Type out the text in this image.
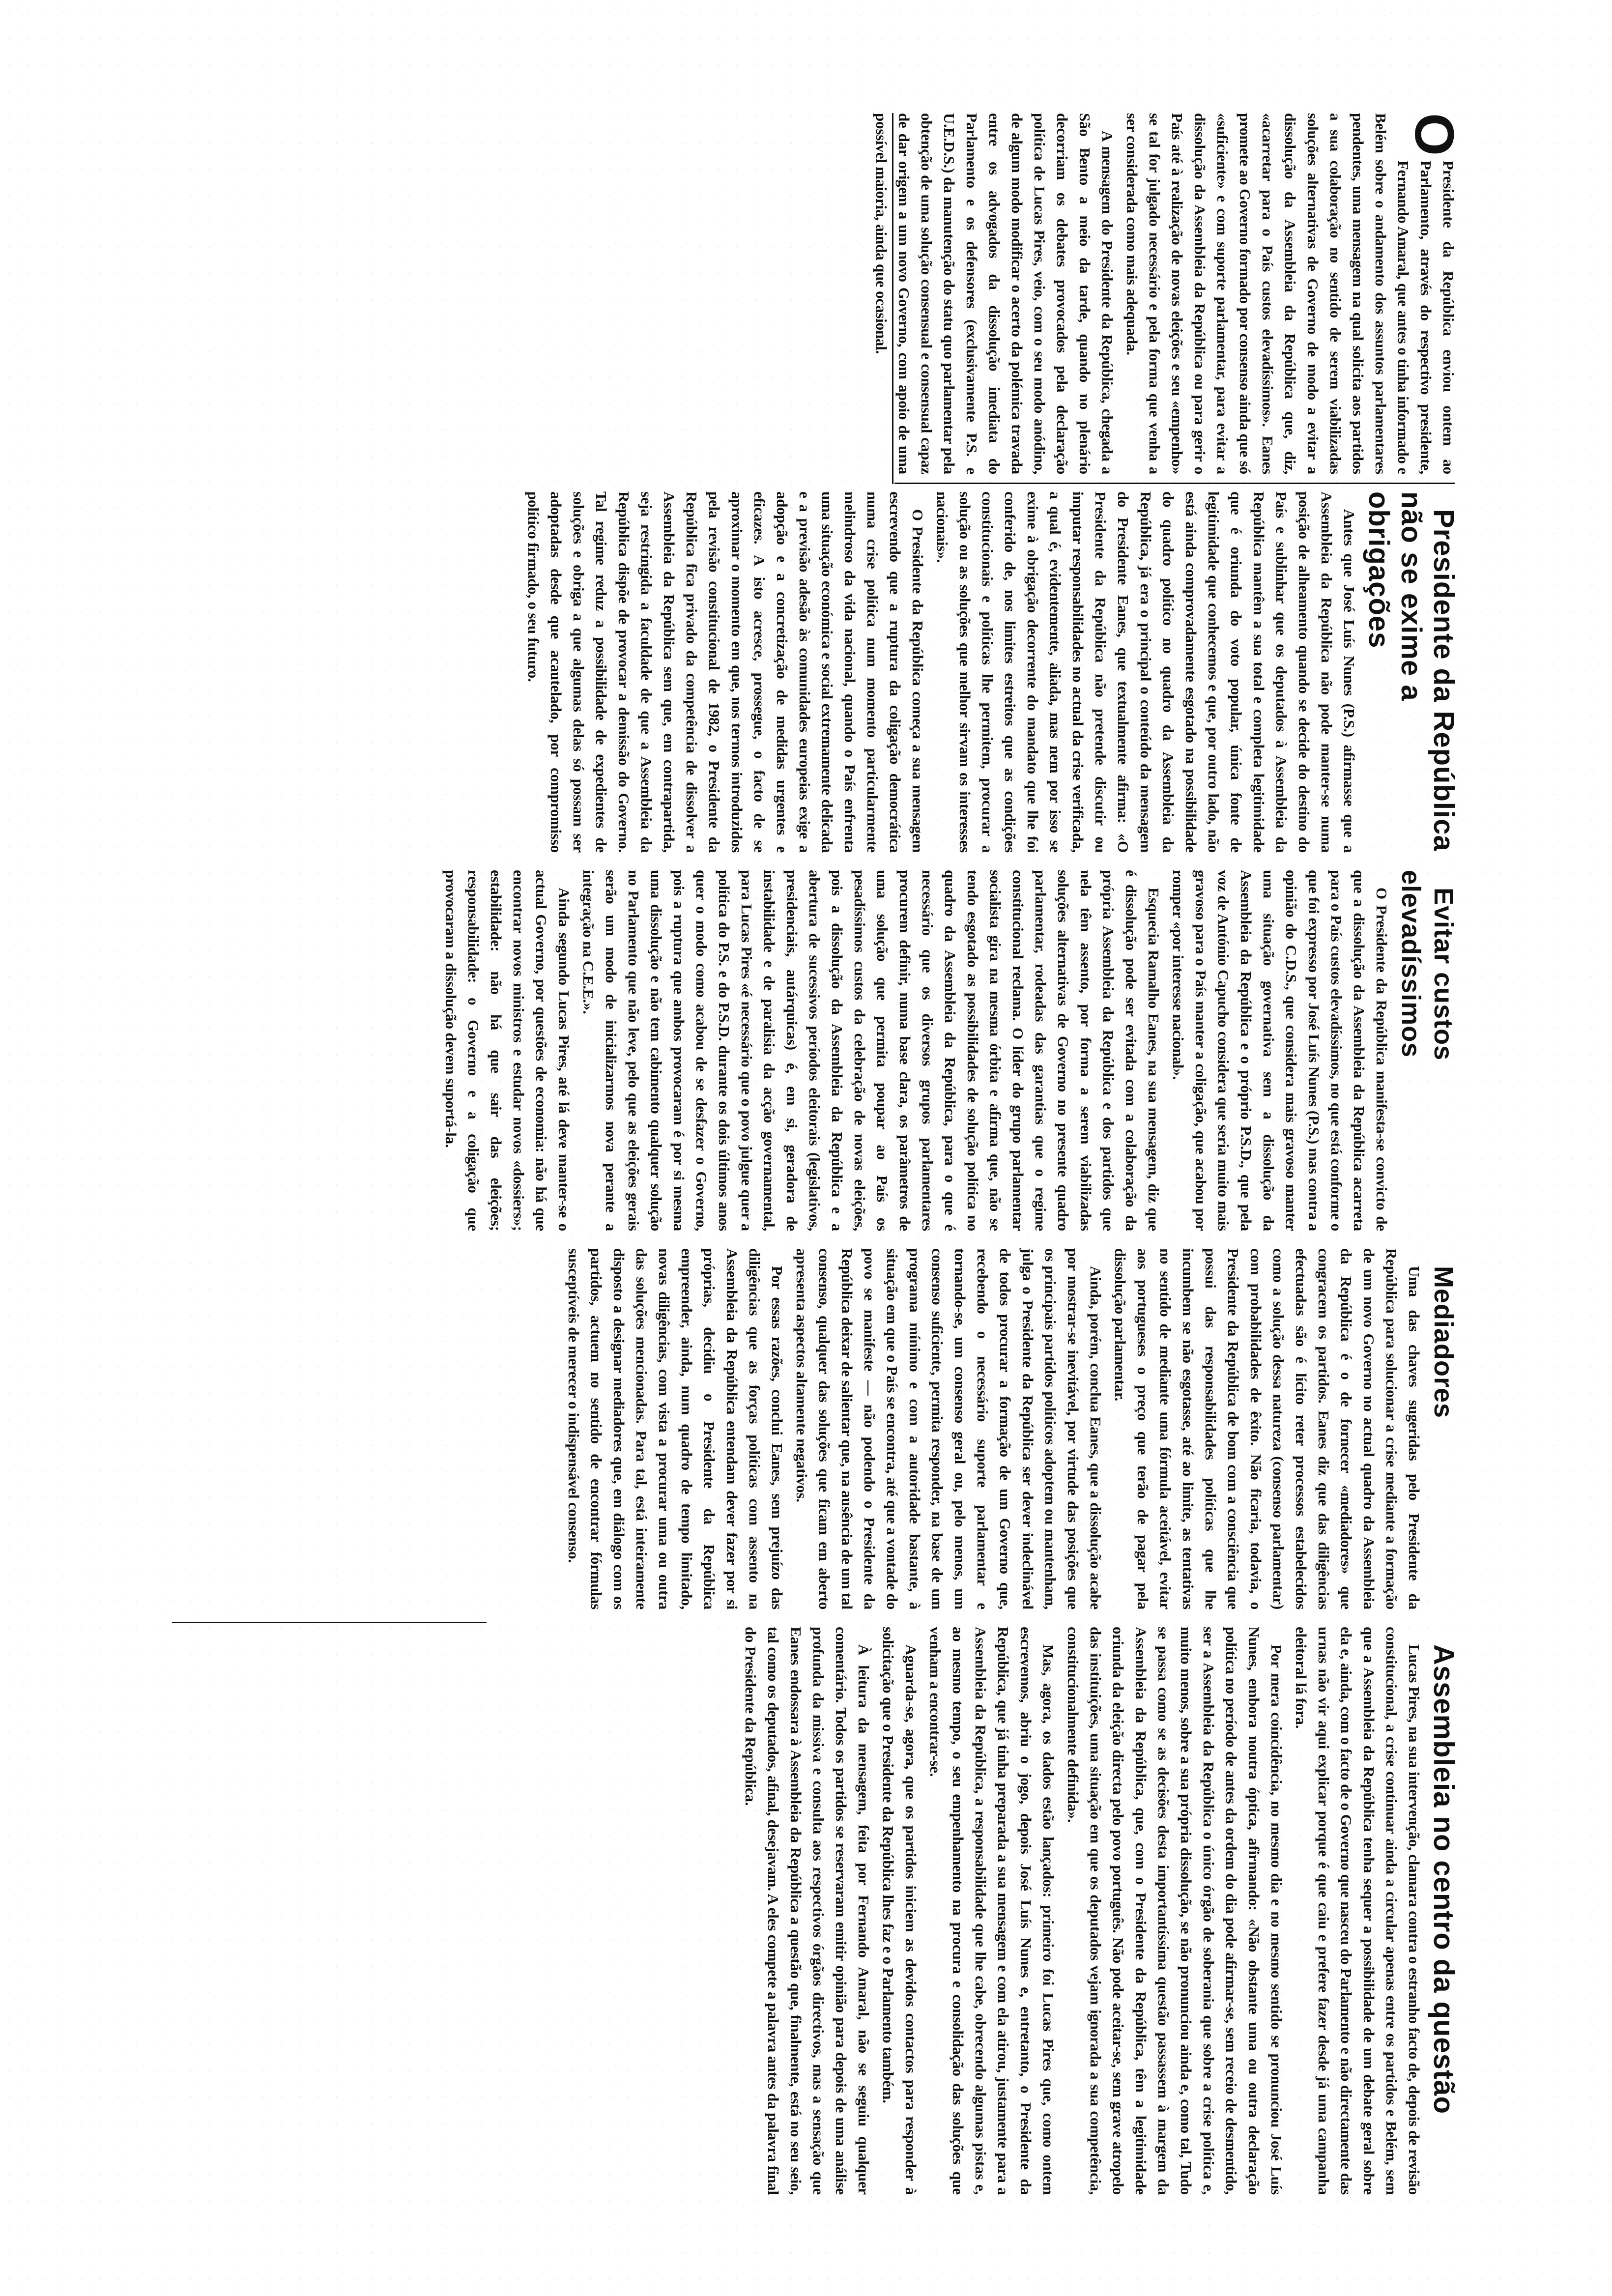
O
Presidente da República enviou ontem ao Parlamento, através do respectivo presidente, Fernando Amaral, que antes o tinha informado e Belém sobre o andamento dos assuntos parlamentares pendentes, uma mensagem na qual solicita aos partidos a sua colaboração no sentido de serem viabilizadas soluções alternativas de Governo de modo a evitar a dissolução da Assembleia da República que, diz, «acarretar para o País custos elevadíssimos». Eanes promete ao Governo formado por consenso ainda que só «suficiente» e com suporte parlamentar, para evitar a dissolução da Assembleia da República ou para gerir o País até à realização de novas eleições e seu «empenho» se tal for julgado necessário e pela forma que venha a ser considerada como mais adequada.

A mensagem do Presidente da República, chegada a São Bento a meio da tarde, quando no plenário decorriam os debates provocados pela declaração política de Lucas Pires, veio, com o seu modo anódino, de algum modo modificar o acerto da polémica travada entre os advogados da dissolução imediata do Parlamento e os defensores (exclusivamente P.S. e U.E.D.S.) da manutenção do statu quo parlamentar pela obtenção de uma solução consensual e consensual capaz de dar origem a um novo Governo, com apoio de uma possível maioria, ainda que ocasional.

Presidente da República não se exime a obrigações

Antes que José Luís Nunes (P.S.) afirmasse que a Assembleia da República não pode manter-se numa posição de alheamento quando se decide do destino do País e sublinhar que os deputados à Assembleia da República mantêm a sua total e completa legitimidade que é oriunda do voto popular, única fonte de legitimidade que conhecemos e que, por outro lado, não está ainda comprovadamente esgotado na possibilidade do quadro político no quadro da Assembleia da República, já era o principal o conteúdo da mensagem do Presidente Eanes, que textualmente afirma: «O Presidente da República não pretende discutir ou imputar responsabilidades no actual da crise verificada, a qual é, evidentemente, aliada, mas nem por isso se exime à obrigação decorrente do mandato que lhe foi conferido de, nos limites estreitos que as condições constitucionais e políticas lhe permitem, procurar a solução ou as soluções que melhor sirvam os interesses nacionais».

O Presidente da República começa a sua mensagem escrevendo que a ruptura da coligação democrática numa crise política num momento particularmente melindroso da vida nacional, quando o País enfrenta uma situação económica e social extremamente delicada e a previsão adesão às comunidades europeias exige a adopção e a concretização de medidas urgentes e eficazes. A isto acresce, prossegue, o facto de se aproximar o momento em que, nos termos introduzidos pela revisão constitucional de 1982, o Presidente da República fica privado da competência de dissolver a Assembleia da República sem que, em contrapartida, seja restringida a faculdade de que a Assembleia da República dispõe de provocar a demissão do Governo. Tal regime reduz a possibilidade de expedientes de soluções e obriga a que algumas delas só possam ser adoptadas desde que acautelado, por compromisso político firmado, o seu futuro.

Evitar custos elevadíssimos

O Presidente da República manifesta-se convicto de que a dissolução da Assembleia da República acarreta para o País custos elevadíssimos, no que está conforme o que foi expresso por José Luís Nunes (P.S.) mas contra a opinião do C.D.S., que considera mais gravoso manter uma situação governativa sem a dissolução da Assembleia da República e o próprio P.S.D., que pela voz de António Capucho considera que seria muito mais gravoso para o País manter a coligação, que acabou por romper «por interesse nacional».

Esquecia Ramalho Eanes, na sua mensagem, diz que é dissolução pode ser evitada com a colaboração da própria Assembleia da República e dos partidos que nela têm assento, por forma a serem viabilizadas soluções alternativas de Governo no presente quadro parlamentar, rodeadas das garantias que o regime constitucional reclama. O líder do grupo parlamentar socialista gira na mesma órbita e afirma que, não se tendo esgotado as possibilidades de solução política no quadro da Assembleia da República, para o que é necessário que os diversos grupos parlamentares procurem definir, numa base clara, os parâmetros de uma solução que permita poupar ao País os pesadíssimos custos da celebração de novas eleições, pois a dissolução da Assembleia da República e a abertura de sucessivos períodos eleitorais (legislativos, presidenciais, autárquicas) é, em si, geradora de instabilidade e de paralisia da acção governamental, para Lucas Pires «é necessário que o povo julgue quer a política do P.S. e do P.S.D. durante os dois últimos anos quer o modo como acabou de se desfazer o Governo, pois a ruptura que ambos provocaram é por si mesma uma dissolução e não tem cabimento qualquer solução no Parlamento que não leve, pelo que as eleições gerais serão um modo de inicializarmos nova perante a integração na C.E.E.».

Ainda segundo Lucas Pires, até lá deve manter-se o actual Governo, por questões de economia: não há que encontrar novos ministros e estudar novos «dossiers»; estabilidade: não há que sair das eleições; responsabilidade: o Governo e a coligação que provocaram a dissolução devem suportá-la.

Mediadores

Uma das chaves sugeridas pelo Presidente da República para solucionar a crise mediante a formação de um novo Governo no actual quadro da Assembleia da República é o de fornecer «mediadores» que congracem os partidos. Eanes diz que das diligências efectuadas são é lícito reter processos estabelecidos como a solução dessa natureza (consenso parlamentar) com probabilidades de êxito. Não ficaria, todavia, o Presidente da República de bom com a consciência que possui das responsabilidades políticas que lhe incumbem se não esgotasse, até ao limite, as tentativas no sentido de mediante uma fórmula aceitável, evitar aos portugueses o preço que terão de pagar pela dissolução parlamentar.

Ainda, porém, conclua Eanes, que a dissolução acabe por mostrar-se inevitável, por virtude das posições que os principais partidos políticos adoptem ou mantenham, julga o Presidente da República ser dever indeclinável de todos procurar a formação de um Governo que, recebendo o necessário suporte parlamentar e tornando-se, um consenso geral ou, pelo menos, um consenso suficiente, permita responder, na base de um programa mínimo e com a autoridade bastante, à situação em que o País se encontra, até que a vontade do povo se manifeste — não podendo o Presidente da República deixar de salientar que, na ausência de um tal consenso, qualquer das soluções que ficam em aberto apresenta aspectos altamente negativos.

Por essas razões, conclui Eanes, sem prejuízo das diligências que as forças políticas com assento na Assembleia da República entendam dever fazer por si próprias, decidiu o Presidente da República empreender, ainda, num quadro de tempo limitado, novas diligências, com vista a procurar uma ou outra das soluções mencionadas. Para tal, está inteiramente disposto a designar mediadores que, em diálogo com os partidos, actuem no sentido de encontrar fórmulas susceptíveis de merecer o indispensável consenso.

Assembleia no centro da questão

Lucas Pires, na sua intervenção, clamara contra o estranho facto de, depois de revisão constitucional, a crise continuar ainda a circular apenas entre os partidos e Belém, sem que a Assembleia da República tenha sequer a possibilidade de um debate geral sobre ela e, ainda, com o facto de o Governo que nasceu do Parlamento e não directamente das urnas não vir aqui explicar porque é que caiu e prefere fazer desde já uma campanha eleitoral lá fora.

Por mera coincidência, no mesmo dia e no mesmo sentido se pronunciou José Luís Nunes, embora noutra óptica, afirmando: «Não obstante uma ou outra declaração política no período de antes da ordem do dia pode afirmar-se, sem receio de desmentido, ser a Assembleia da República o único órgão de soberania que sobre a crise política e, muito menos, sobre a sua própria dissolução, se não pronunciou ainda e, como tal, Tudo se passa como se as decisões desta importantíssima questão passassem à margem da Assembleia da República, que, com o Presidente da República, têm a legitimidade oriunda da eleição directa pelo povo português. Não pode aceitar-se, sem grave atropelo das instituições, uma situação em que os deputados vejam ignorada a sua competência, constitucionalmente definida».

Mas, agora, os dados estão lançados: primeiro foi Lucas Pires que, como ontem escrevemos, abriu o jogo, depois José Luís Nunes e, entretanto, o Presidente da República, que já tinha preparada a sua mensagem e com ela atirou, justamente para a Assembleia da República, a responsabilidade que lhe cabe, obrecendo algumas pistas e, ao mesmo tempo, o seu empenhamento na procura e consolidação das soluções que venham a encontrar-se.

Aguarda-se, agora, que os partidos iniciem as devidos contactos para responder à solicitação que o Presidente da República lhes faz e o Parlamento também.

À leitura da mensagem, feita por Fernando Amaral, não se seguiu qualquer comentário. Todos os partidos se reservaram emitir opinião para depois de uma análise profunda da missiva e consulta aos respectivos órgãos directivos, mas a sensação que Eanes endossara à Assembleia da República a questão que, finalmente, está no seu seio, tal como os deputados, afinal, desejavam. A eles compete a palavra antes da palavra final do Presidente da República.
